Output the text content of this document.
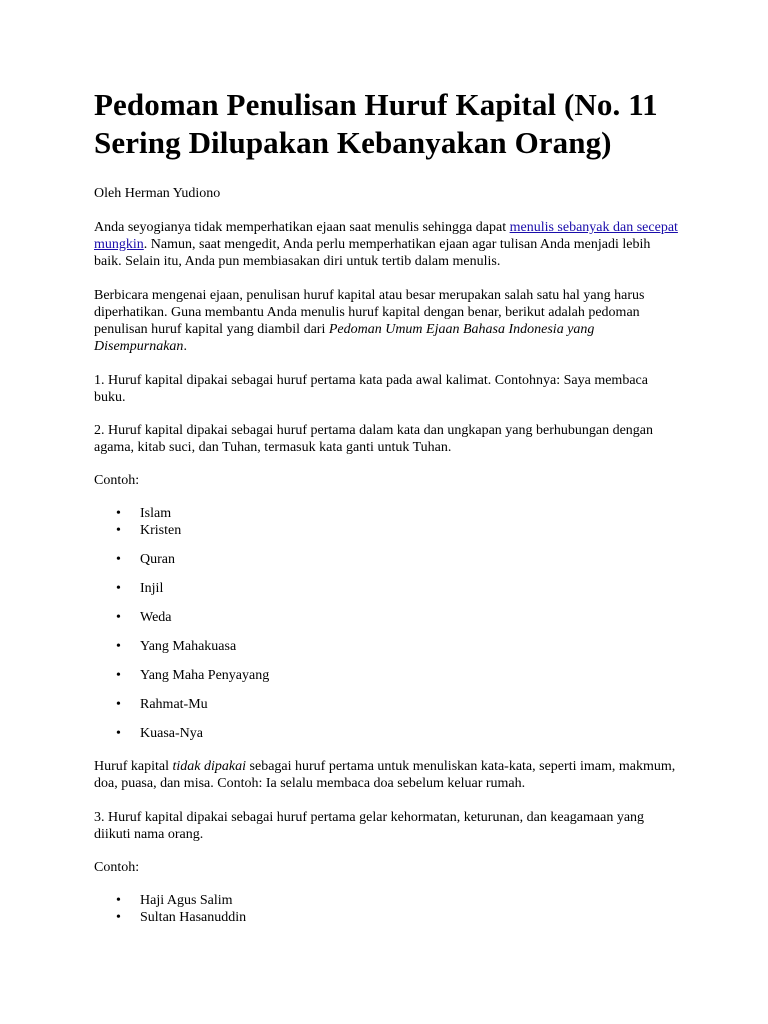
Pedoman Penulisan Huruf Kapital (No. 11 Sering Dilupakan Kebanyakan Orang)

Oleh Herman Yudiono

Anda seyogianya tidak memperhatikan ejaan saat menulis sehingga dapat menulis sebanyak dan secepat mungkin. Namun, saat mengedit, Anda perlu memperhatikan ejaan agar tulisan Anda menjadi lebih baik. Selain itu, Anda pun membiasakan diri untuk tertib dalam menulis.

Berbicara mengenai ejaan, penulisan huruf kapital atau besar merupakan salah satu hal yang harus diperhatikan. Guna membantu Anda menulis huruf kapital dengan benar, berikut adalah pedoman penulisan huruf kapital yang diambil dari Pedoman Umum Ejaan Bahasa Indonesia yang Disempurnakan.

1. Huruf kapital dipakai sebagai huruf pertama kata pada awal kalimat. Contohnya: Saya membaca buku.

2. Huruf kapital dipakai sebagai huruf pertama dalam kata dan ungkapan yang berhubungan dengan agama, kitab suci, dan Tuhan, termasuk kata ganti untuk Tuhan.

Contoh:

• Islam
• Kristen
• Quran
• Injil
• Weda
• Yang Mahakuasa
• Yang Maha Penyayang
• Rahmat-Mu
• Kuasa-Nya

Huruf kapital tidak dipakai sebagai huruf pertama untuk menuliskan kata-kata, seperti imam, makmum, doa, puasa, dan misa. Contoh: Ia selalu membaca doa sebelum keluar rumah.

3. Huruf kapital dipakai sebagai huruf pertama gelar kehormatan, keturunan, dan keagamaan yang diikuti nama orang.

Contoh:

• Haji Agus Salim
• Sultan Hasanuddin
